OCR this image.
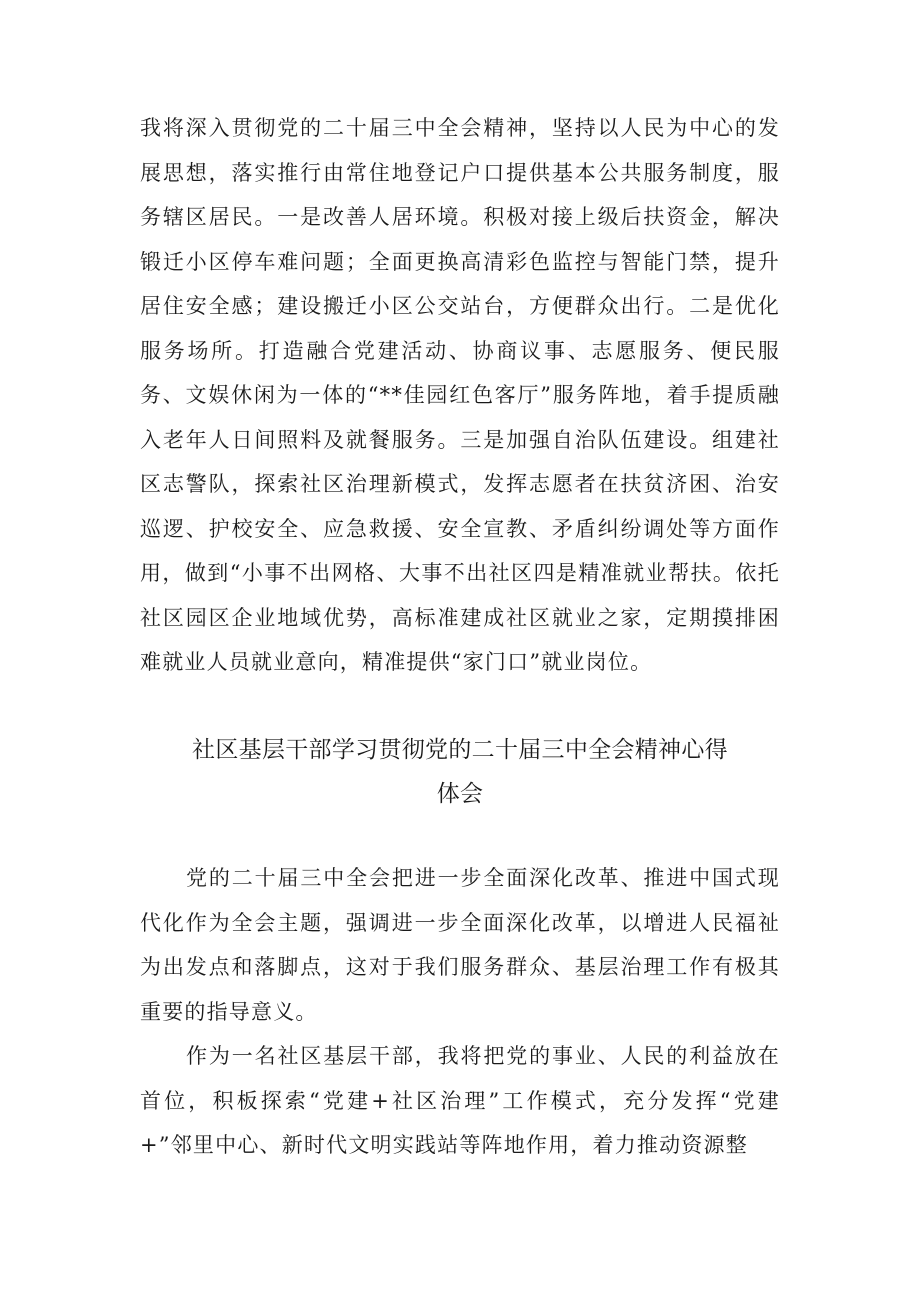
我将深入贯彻党的二十届三中全会精神，坚持以人民为中心的发展思想，落实推行由常住地登记户口提供基本公共服务制度，服务辖区居民。一是改善人居环境。积极对接上级后扶资金，解决锻迁小区停车难问题；全面更换高清彩色监控与智能门禁，提升居住安全感；建设搬迁小区公交站台，方便群众出行。二是优化服务场所。打造融合党建活动、协商议事、志愿服务、便民服务、文娱休闲为一体的“**佳园红色客厅”服务阵地，着手提质融入老年人日间照料及就餐服务。三是加强自治队伍建设。组建社区志警队，探索社区治理新模式，发挥志愿者在扶贫济困、治安巡逻、护校安全、应急救援、安全宣教、矛盾纠纷调处等方面作用，做到“小事不出网格、大事不出社区四是精准就业帮扶。依托社区园区企业地域优势，高标准建成社区就业之家，定期摸排困难就业人员就业意向，精准提供“家门口”就业岗位。

社区基层干部学习贯彻党的二十届三中全会精神心得
体会

党的二十届三中全会把进一步全面深化改革、推进中国式现代化作为全会主题，强调进一步全面深化改革，以增进人民福祉为出发点和落脚点，这对于我们服务群众、基层治理工作有极其重要的指导意义。

作为一名社区基层干部，我将把党的事业、人民的利益放在首位，积板探索“党建+社区治理”工作模式，充分发挥“党建+”邻里中心、新时代文明实践站等阵地作用，着力推动资源整
